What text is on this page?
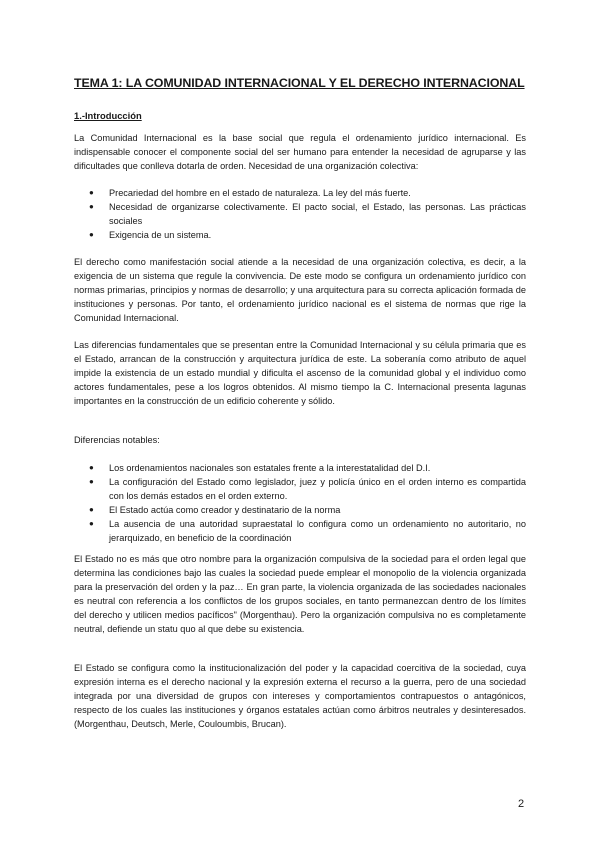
TEMA 1: LA COMUNIDAD INTERNACIONAL Y EL DERECHO INTERNACIONAL
1.-Introducción

La Comunidad Internacional es la base social que regula el ordenamiento jurídico internacional. Es indispensable conocer el componente social del ser humano para entender la necesidad de agruparse y las dificultades que conlleva dotarla de orden. Necesidad de una organización colectiva:

● Precariedad del hombre en el estado de naturaleza. La ley del más fuerte.
● Necesidad de organizarse colectivamente. El pacto social, el Estado, las personas. Las prácticas sociales
● Exigencia de un sistema.

El derecho como manifestación social atiende a la necesidad de una organización colectiva, es decir, a la exigencia de un sistema que regule la convivencia. De este modo se configura un ordenamiento jurídico con normas primarias, principios y normas de desarrollo; y una arquitectura para su correcta aplicación formada de instituciones y personas. Por tanto, el ordenamiento jurídico nacional es el sistema de normas que rige la Comunidad Internacional.

Las diferencias fundamentales que se presentan entre la Comunidad Internacional y su célula primaria que es el Estado, arrancan de la construcción y arquitectura jurídica de este. La soberanía como atributo de aquel impide la existencia de un estado mundial y dificulta el ascenso de la comunidad global y el individuo como actores fundamentales, pese a los logros obtenidos. Al mismo tiempo la C. Internacional presenta lagunas importantes en la construcción de un edificio coherente y sólido.

Diferencias notables:

● Los ordenamientos nacionales son estatales frente a la interestatalidad del D.I.
● La configuración del Estado como legislador, juez y policía único en el orden interno es compartida con los demás estados en el orden externo.
● El Estado actúa como creador y destinatario de la norma
● La ausencia de una autoridad supraestatal lo configura como un ordenamiento no autoritario, no jerarquizado, en beneficio de la coordinación

El Estado no es más que otro nombre para la organización compulsiva de la sociedad para el orden legal que determina las condiciones bajo las cuales la sociedad puede emplear el monopolio de la violencia organizada para la preservación del orden y la paz… En gran parte, la violencia organizada de las sociedades nacionales es neutral con referencia a los conflictos de los grupos sociales, en tanto permanezcan dentro de los límites del derecho y utilicen medios pacíficos" (Morgenthau). Pero la organización compulsiva no es completamente neutral, defiende un statu quo al que debe su existencia.

El Estado se configura como la institucionalización del poder y la capacidad coercitiva de la sociedad, cuya expresión interna es el derecho nacional y la expresión externa el recurso a la guerra, pero de una sociedad integrada por una diversidad de grupos con intereses y comportamientos contrapuestos o antagónicos, respecto de los cuales las instituciones y órganos estatales actúan como árbitros neutrales y desinteresados. (Morgenthau, Deutsch, Merle, Couloumbis, Brucan).

2
